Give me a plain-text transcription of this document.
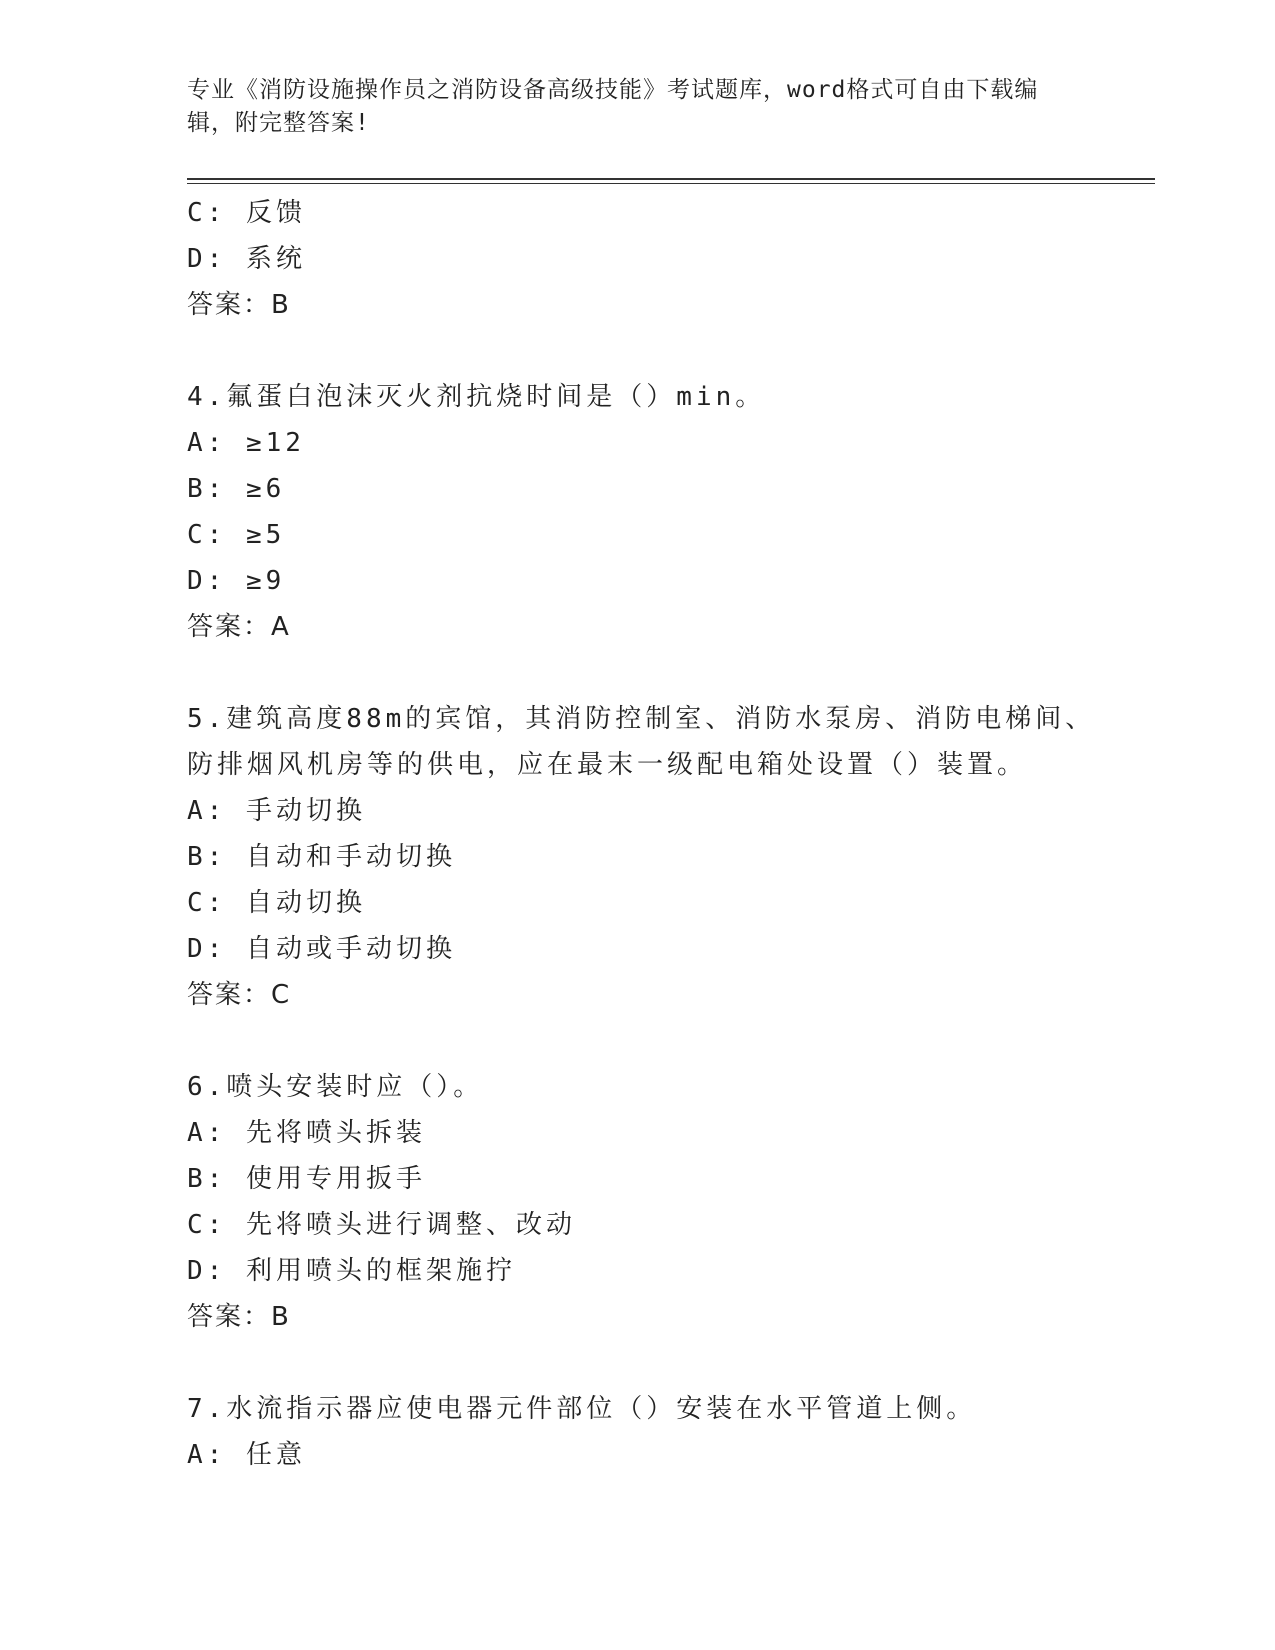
专业《消防设施操作员之消防设备高级技能》考试题库，word格式可自由下载编
辑，附完整答案!
C: 反馈
D: 系统
答案：B
4.氟蛋白泡沫灭火剂抗烧时间是（）min。
A: ≥12
B: ≥6
C: ≥5
D: ≥9
答案：A
5.建筑高度88m的宾馆，其消防控制室、消防水泵房、消防电梯间、
防排烟风机房等的供电，应在最末一级配电箱处设置（）装置。
A: 手动切换
B: 自动和手动切换
C: 自动切换
D: 自动或手动切换
答案：C
6.喷头安装时应（）。
A: 先将喷头拆装
B: 使用专用扳手
C: 先将喷头进行调整、改动
D: 利用喷头的框架施拧
答案：B
7.水流指示器应使电器元件部位（）安装在水平管道上侧。
A: 任意
